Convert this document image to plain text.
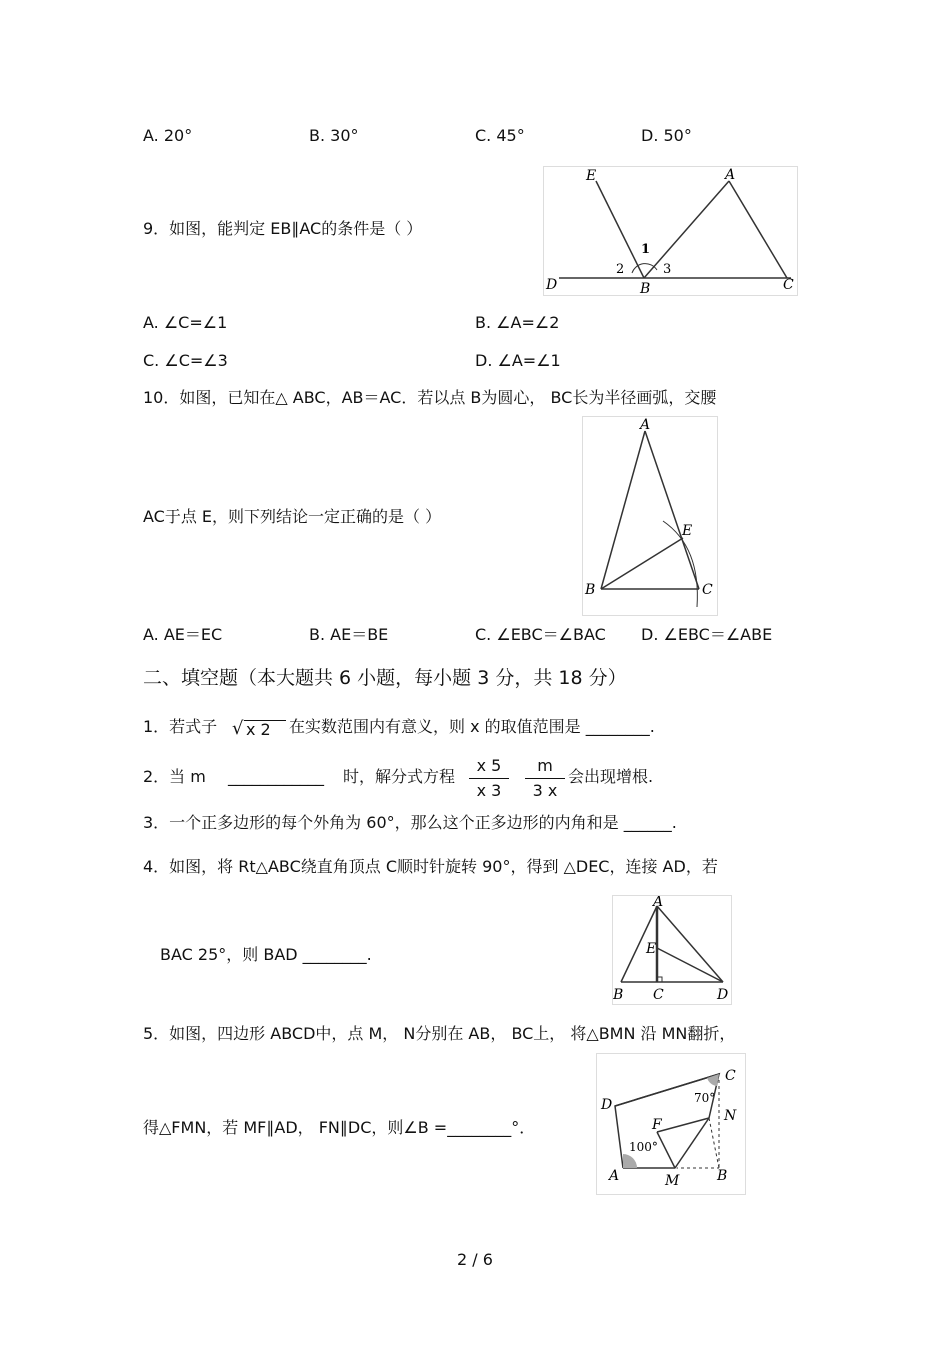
A. 20°	B. 30°	C. 45°	D. 50°
9．如图，能判定 EB∥AC的条件是（ ）
E	A
D	B	C
1
2	3
A. ∠C=∠1	B. ∠A=∠2
C. ∠C=∠3	D. ∠A=∠1
10．如图，已知在△ ABC，AB＝AC．若以点 B为圆心， BC长为半径画弧，交腰
A
E
B	C
AC于点 E，则下列结论一定正确的是（ ）
A. AE＝EC	B. AE＝BE	C. ∠EBC＝∠BAC D. ∠EBC＝∠ABE
二、填空题（本大题共 6 小题，每小题 3 分，共 18 分）
1．若式子 √ x 2 在实数范围内有意义，则 x 的取值范围是 ________.
2．当 m ____________ 时，解分式方程
x 5
x 3
m
3 x
会出现增根.
3．一个正多边形的每个外角为 60°，那么这个正多边形的内角和是 ______.
4．如图，将 Rt△ABC绕直角顶点 C顺时针旋转 90°，得到 △DEC，连接 AD，若
A
E
B C	D
BAC 25°，则 BAD ________.
5．如图，四边形 ABCD中，点 M， N分别在 AB， BC上， 将△BMN 沿 MN翻折，
C
D
F
N
A	M	B
70°
100°
得△FMN，若 MF∥AD， FN∥DC，则∠B =________°．
2 / 6
